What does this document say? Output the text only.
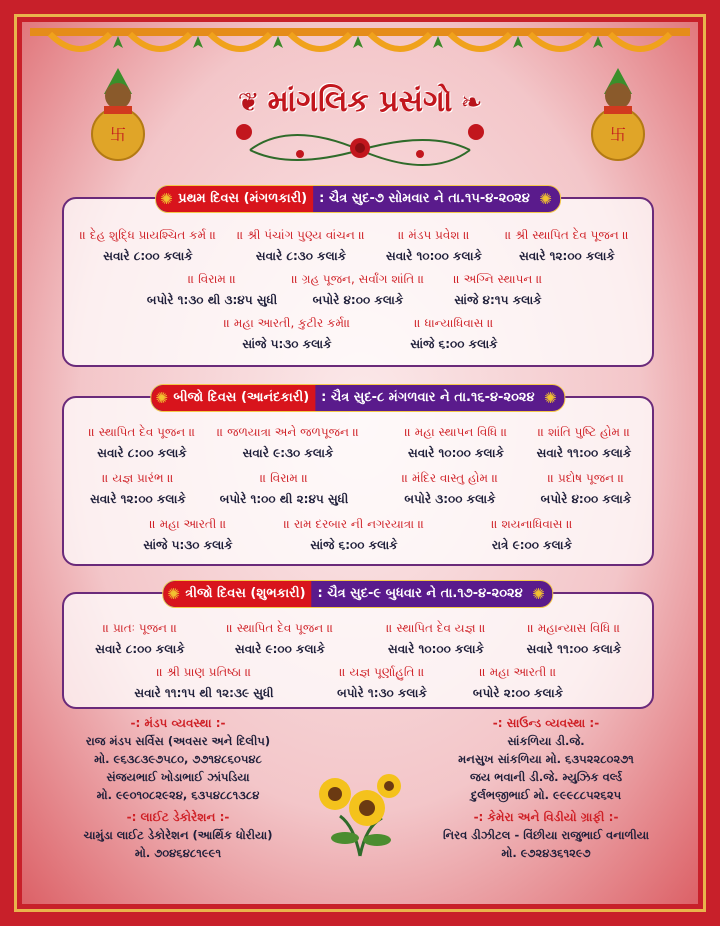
卐	卐
❦ માંગલિક પ્રસંગો ❧
✺ પ્રથમ દિવસ (મંગળકારી) : ચૈત્ર સુદ-૭ સોમવાર ને તા.૧૫-૪-૨૦૨૪ ✺
॥ દેહ શુદ્ધિ પ્રાયશ્ચિત કર્મ ॥
સવારે ૮:૦૦ કલાકે
॥ શ્રી પંચાંગ પુણ્ય વાંચન ॥
સવારે ૮:૩૦ કલાકે
॥ મંડપ પ્રવેશ ॥
સવારે ૧૦:૦૦ કલાકે
॥ શ્રી સ્થાપિત દેવ પૂજન ॥
સવારે ૧૨:૦૦ કલાકે
॥ વિરામ ॥
બપોરે ૧:૩૦ થી ૩:૪૫ સુધી
॥ ગ્રહ પૂજન, સર્વાંગ શાંતિ ॥
બપોરે ૪:૦૦ કલાકે
॥ અગ્નિ સ્થાપન ॥
સાંજે ૪:૧૫ કલાકે
॥ મહા આરતી, કુટીર કર્મ॥
સાંજે ૫:૩૦ કલાકે
॥ ધાન્યાધિવાસ ॥
સાંજે ૬:૦૦ કલાકે
✺ બીજો દિવસ (આનંદકારી) : ચૈત્ર સુદ-૮ મંગળવાર ને તા.૧૬-૪-૨૦૨૪ ✺
॥ સ્થાપિત દેવ પૂજન ॥
સવારે ૮:૦૦ કલાકે
॥ જળયાત્રા અને જળપૂજન ॥
સવારે ૯:૩૦ કલાકે
॥ મહા સ્થાપન વિધિ ॥
સવારે ૧૦:૦૦ કલાકે
॥ શાંતિ પુષ્ટિ હોમ ॥
સવારે ૧૧:૦૦ કલાકે
॥ યજ્ઞ પ્રારંભ ॥
સવારે ૧૨:૦૦ કલાકે
॥ વિરામ ॥
બપોરે ૧:૦૦ થી ૨:૪૫ સુધી
॥ મંદિર વાસ્તુ હોમ ॥
બપોરે ૩:૦૦ કલાકે
॥ પ્રદોષ પૂજન ॥
બપોરે ૪:૦૦ કલાકે
॥ મહા આરતી ॥
સાંજે ૫:૩૦ કલાકે
॥ રામ દરબાર ની નગરયાત્રા ॥
સાંજે ૬:૦૦ કલાકે
॥ શયનાધિવાસ ॥
રાત્રે ૯:૦૦ કલાકે
✺ ત્રીજો દિવસ (શુભકારી) : ચૈત્ર સુદ-૯ બુધવાર ને તા.૧૭-૪-૨૦૨૪ ✺
॥ પ્રાતઃ પૂજન ॥
સવારે ૮:૦૦ કલાકે
॥ સ્થાપિત દેવ પૂજન ॥
સવારે ૯:૦૦ કલાકે
॥ સ્થાપિત દેવ યજ્ઞ ॥
સવારે ૧૦:૦૦ કલાકે
॥ મહાન્યાસ વિધિ ॥
સવારે ૧૧:૦૦ કલાકે
॥ શ્રી પ્રાણ પ્રતિષ્ઠા ॥
સવારે ૧૧:૧૫ થી ૧૨:૩૯ સુધી
॥ યજ્ઞ પૂર્ણાહુતિ ॥
બપોરે ૧:૩૦ કલાકે
॥ મહા આરતી ॥
બપોરે ૨:૦૦ કલાકે
-: મંડપ વ્યવસ્થા :-
રાજ મંડપ સર્વિસ (અવસર અને દિલીપ)
મો. ૯૬૩૮૩૯૭૫૮૦, ૭૭૧૪૮૬૦૫૪૮
સંજયભાઈ ખોડાભાઈ ઝાંપડિયા
મો. ૯૯૦૧૦૮૨૯૨૪, ૬૩૫૪૮૮૧૩૮૪
-: લાઈટ ડેકોરેશન :-
ચામુંડા લાઈટ ડેકોરેશન (આર્થિક ધોરીયા)
મો. ૭૦૪૬૪૮૧૯૯૧
-: સાઉન્ડ વ્યવસ્થા :-
સાંકળિયા ડી.જે.
મનસુખ સાંકળિયા મો. ૬૩૫૨૨૮૦૨૭૧
જય ભવાની ડી.જે. મ્યુઝિક વર્લ્ડ
દુર્લભજીભાઈ મો. ૯૯૯૮૮૫૨૬૨૫
-: કેમેરા અને વિડીયો ગ્રાફી :-
નિરવ ડીઝીટલ - વિંછીયા રાજુભાઈ વનાળીયા
મો. ૯૭૨૪૩૬૧૨૯૭
